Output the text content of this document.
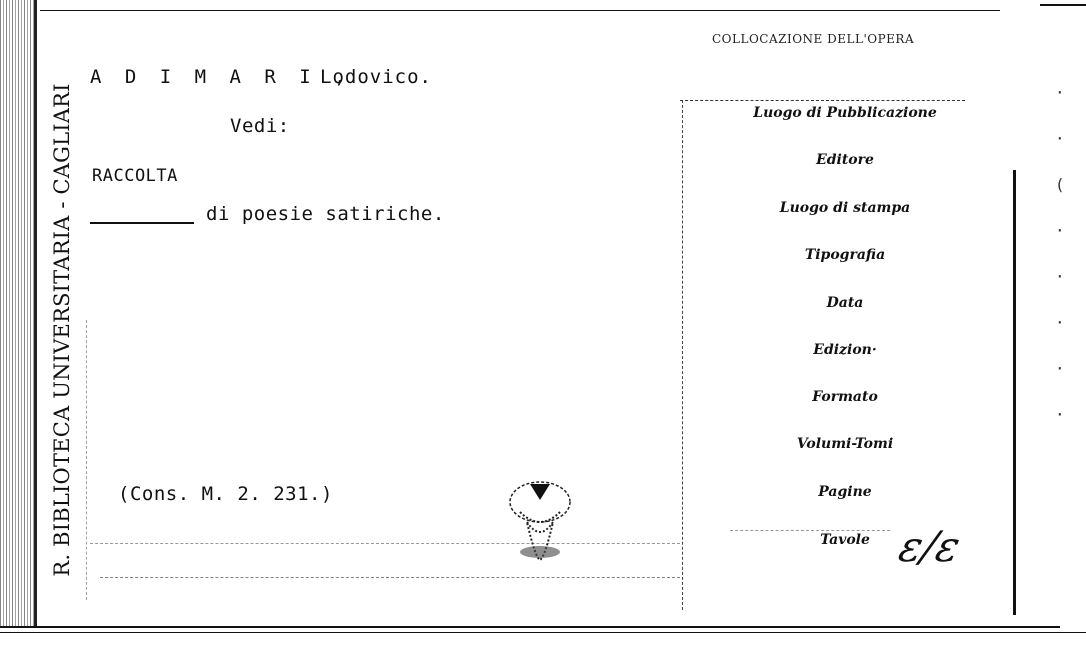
R. BIBLIOTECA UNIVERSITARIA - CAGLIARI
A D I M A R I ,
Lodovico.
Vedi:
RACCOLTA
di poesie satiriche.
(Cons. M. 2. 231.)
COLLOCAZIONE DELL'OPERA
Luogo di Pubblicazione
Editore
Luogo di stampa
Tipografia
Data
Edizion·
Formato
Volumi-Tomi
Pagine
Tavole ε/ε
·
·
(
·
·
·
·
·
